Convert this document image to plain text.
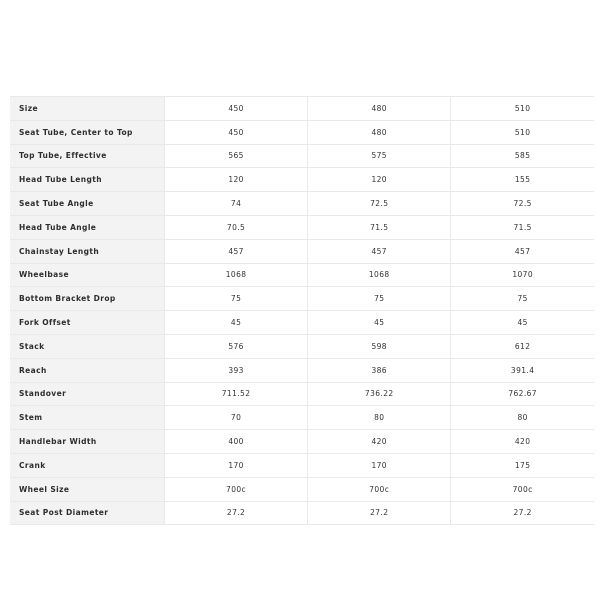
Size	450	480	510
Seat Tube, Center to Top	450	480	510
Top Tube, Effective	565	575	585
Head Tube Length	120	120	155
Seat Tube Angle	74	72.5	72.5
Head Tube Angle	70.5	71.5	71.5
Chainstay Length	457	457	457
Wheelbase	1068	1068	1070
Bottom Bracket Drop	75	75	75
Fork Offset	45	45	45
Stack	576	598	612
Reach	393	386	391.4
Standover	711.52	736.22	762.67
Stem	70	80	80
Handlebar Width	400	420	420
Crank	170	170	175
Wheel Size	700c	700c	700c
Seat Post Diameter	27.2	27.2	27.2
